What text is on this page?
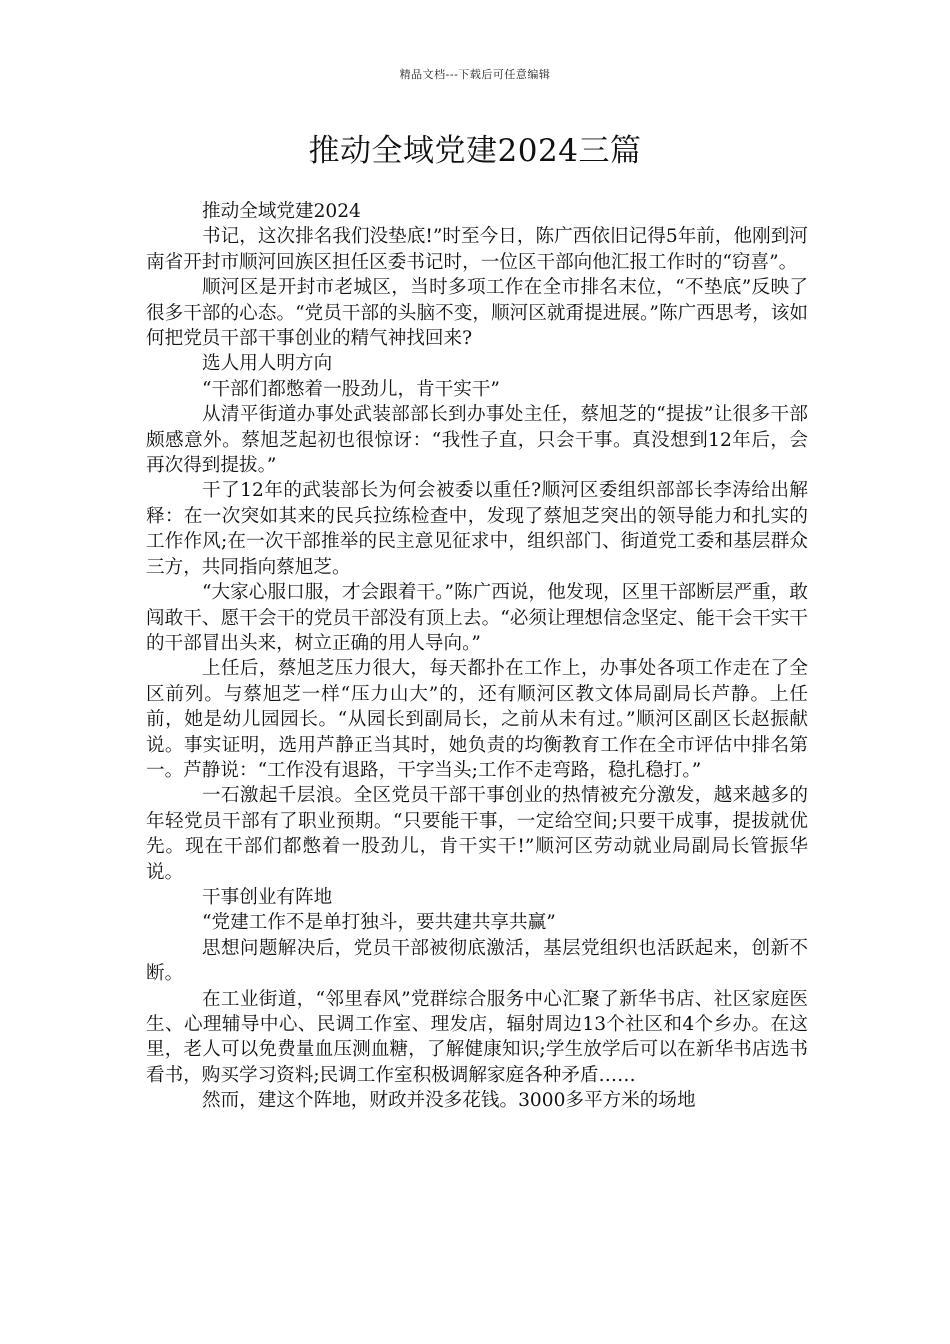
精品文档---下载后可任意编辑
推动全域党建2024三篇

推动全域党建2024

书记，这次排名我们没垫底!”时至今日，陈广西依旧记得5年前，他刚到河南省开封市顺河回族区担任区委书记时，一位区干部向他汇报工作时的“窃喜”。

顺河区是开封市老城区，当时多项工作在全市排名末位，“不垫底”反映了很多干部的心态。“党员干部的头脑不变，顺河区就甭提进展。”陈广西思考，该如何把党员干部干事创业的精气神找回来?

选人用人明方向

“干部们都憋着一股劲儿，肯干实干”

从清平街道办事处武装部部长到办事处主任，蔡旭芝的“提拔”让很多干部颇感意外。蔡旭芝起初也很惊讶：“我性子直，只会干事。真没想到12年后，会再次得到提拔。”

干了12年的武装部长为何会被委以重任?顺河区委组织部部长李涛给出解释：在一次突如其来的民兵拉练检查中，发现了蔡旭芝突出的领导能力和扎实的工作作风;在一次干部推举的民主意见征求中，组织部门、街道党工委和基层群众三方，共同指向蔡旭芝。

“大家心服口服，才会跟着干。”陈广西说，他发现，区里干部断层严重，敢闯敢干、愿干会干的党员干部没有顶上去。“必须让理想信念坚定、能干会干实干的干部冒出头来，树立正确的用人导向。”

上任后，蔡旭芝压力很大，每天都扑在工作上，办事处各项工作走在了全区前列。与蔡旭芝一样“压力山大”的，还有顺河区教文体局副局长芦静。上任前，她是幼儿园园长。“从园长到副局长，之前从未有过。”顺河区副区长赵振献说。事实证明，选用芦静正当其时，她负责的均衡教育工作在全市评估中排名第一。芦静说：“工作没有退路，干字当头;工作不走弯路，稳扎稳打。”

一石激起千层浪。全区党员干部干事创业的热情被充分激发，越来越多的年轻党员干部有了职业预期。“只要能干事，一定给空间;只要干成事，提拔就优先。现在干部们都憋着一股劲儿，肯干实干!”顺河区劳动就业局副局长管振华说。

干事创业有阵地

“党建工作不是单打独斗，要共建共享共赢”

思想问题解决后，党员干部被彻底激活，基层党组织也活跃起来，创新不断。

在工业街道，“邻里春风”党群综合服务中心汇聚了新华书店、社区家庭医生、心理辅导中心、民调工作室、理发店，辐射周边13个社区和4个乡办。在这里，老人可以免费量血压测血糖，了解健康知识;学生放学后可以在新华书店选书看书，购买学习资料;民调工作室积极调解家庭各种矛盾……

然而，建这个阵地，财政并没多花钱。3000多平方米的场地
